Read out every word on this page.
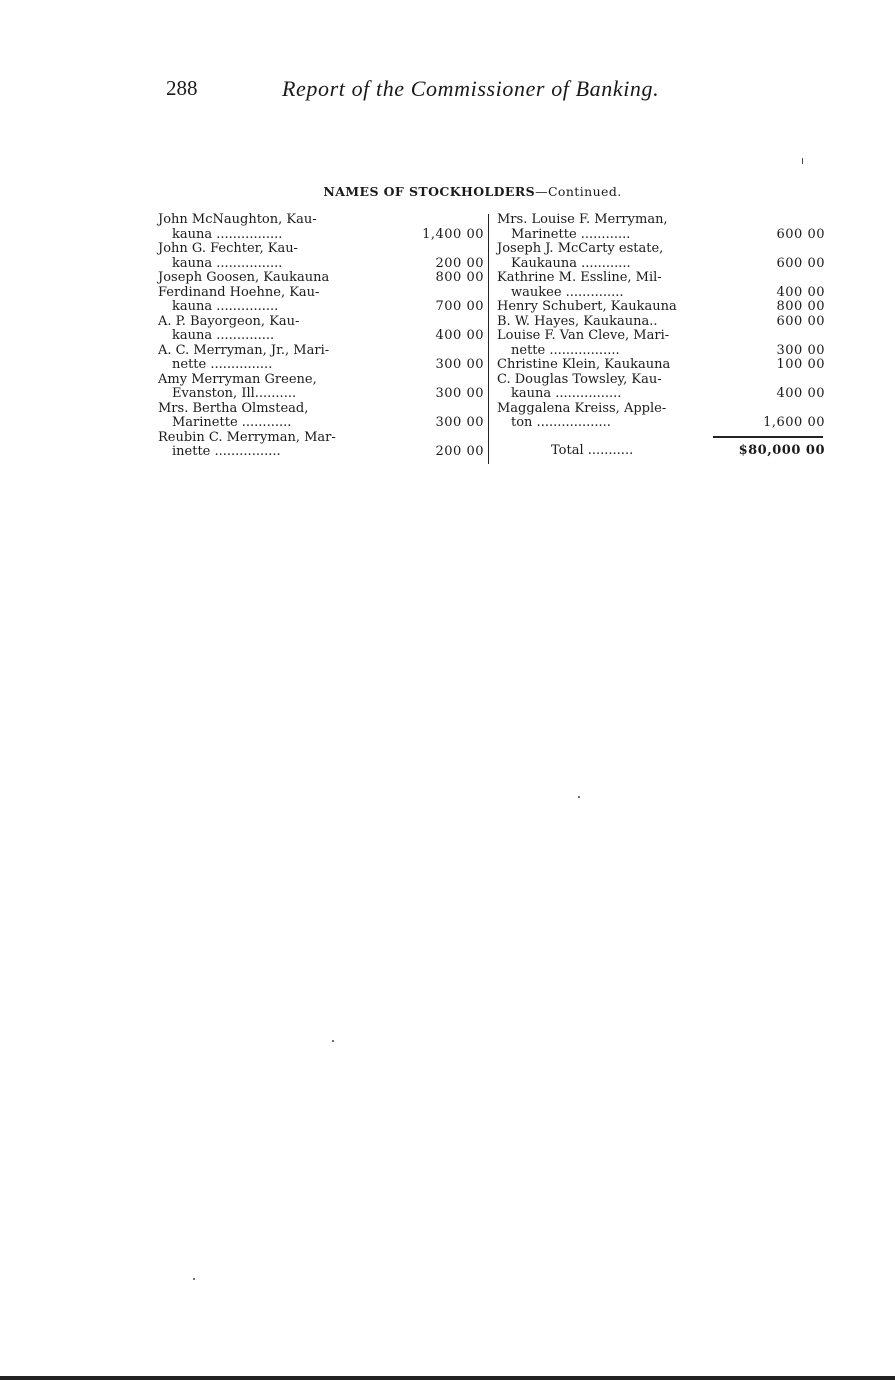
288	Report of the Commissioner of Banking.
NAMES OF STOCKHOLDERS—Continued.
John McNaughton, Kau-
kauna ................	1,400 00
John G. Fechter, Kau-
kauna ................	200 00
Joseph Goosen, Kaukauna	800 00
Ferdinand Hoehne, Kau-
kauna ...............	700 00
A. P. Bayorgeon, Kau-
kauna ..............	400 00
A. C. Merryman, Jr., Mari-
nette ...............	300 00
Amy Merryman Greene,
Evanston, Ill..........	300 00
Mrs. Bertha Olmstead,
Marinette ............	300 00
Reubin C. Merryman, Mar-
inette ................	200 00
Mrs. Louise F. Merryman,
Marinette ............	600 00
Joseph J. McCarty estate,
Kaukauna ............	600 00
Kathrine M. Essline, Mil-
waukee ..............	400 00
Henry Schubert, Kaukauna	800 00
B. W. Hayes, Kaukauna..	600 00
Louise F. Van Cleve, Mari-
nette .................	300 00
Christine Klein, Kaukauna	100 00
C. Douglas Towsley, Kau-
kauna ................	400 00
Maggalena Kreiss, Apple-
ton ..................	1,600 00
Total ...........	$80,000 00
